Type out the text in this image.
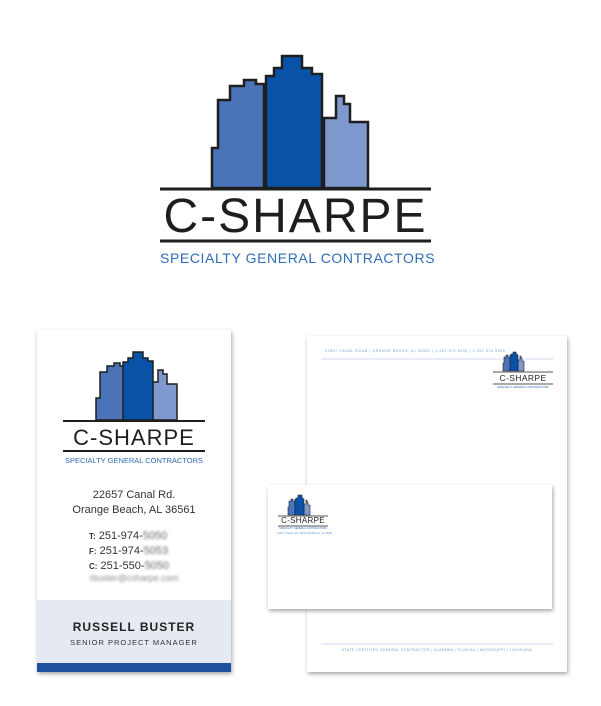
C-SHARPE
SPECIALTY GENERAL CONTRACTORS
C-SHARPE
SPECIALTY GENERAL CONTRACTORS
22657 Canal Rd.
Orange Beach, AL 36561
T: 251-974-5050
F: 251-974-5053
C: 251-550-5050
rbuster@csharpe.com
RUSSELL BUSTER
SENIOR PROJECT MANAGER
22657 CANAL ROAD | ORANGE BEACH, AL 36561 | 1.251.974.5050 | 1.251.974.5053
C-SHARPE
SPECIALTY GENERAL CONTRACTORS
STATE CERTIFIED GENERAL CONTRACTOR | ALABAMA | FLORIDA | MISSISSIPPI | LOUISIANA
C-SHARPE
SPECIALTY GENERAL CONTRACTORS
22657 CANAL RD. ORANGE BEACH, AL 36561
